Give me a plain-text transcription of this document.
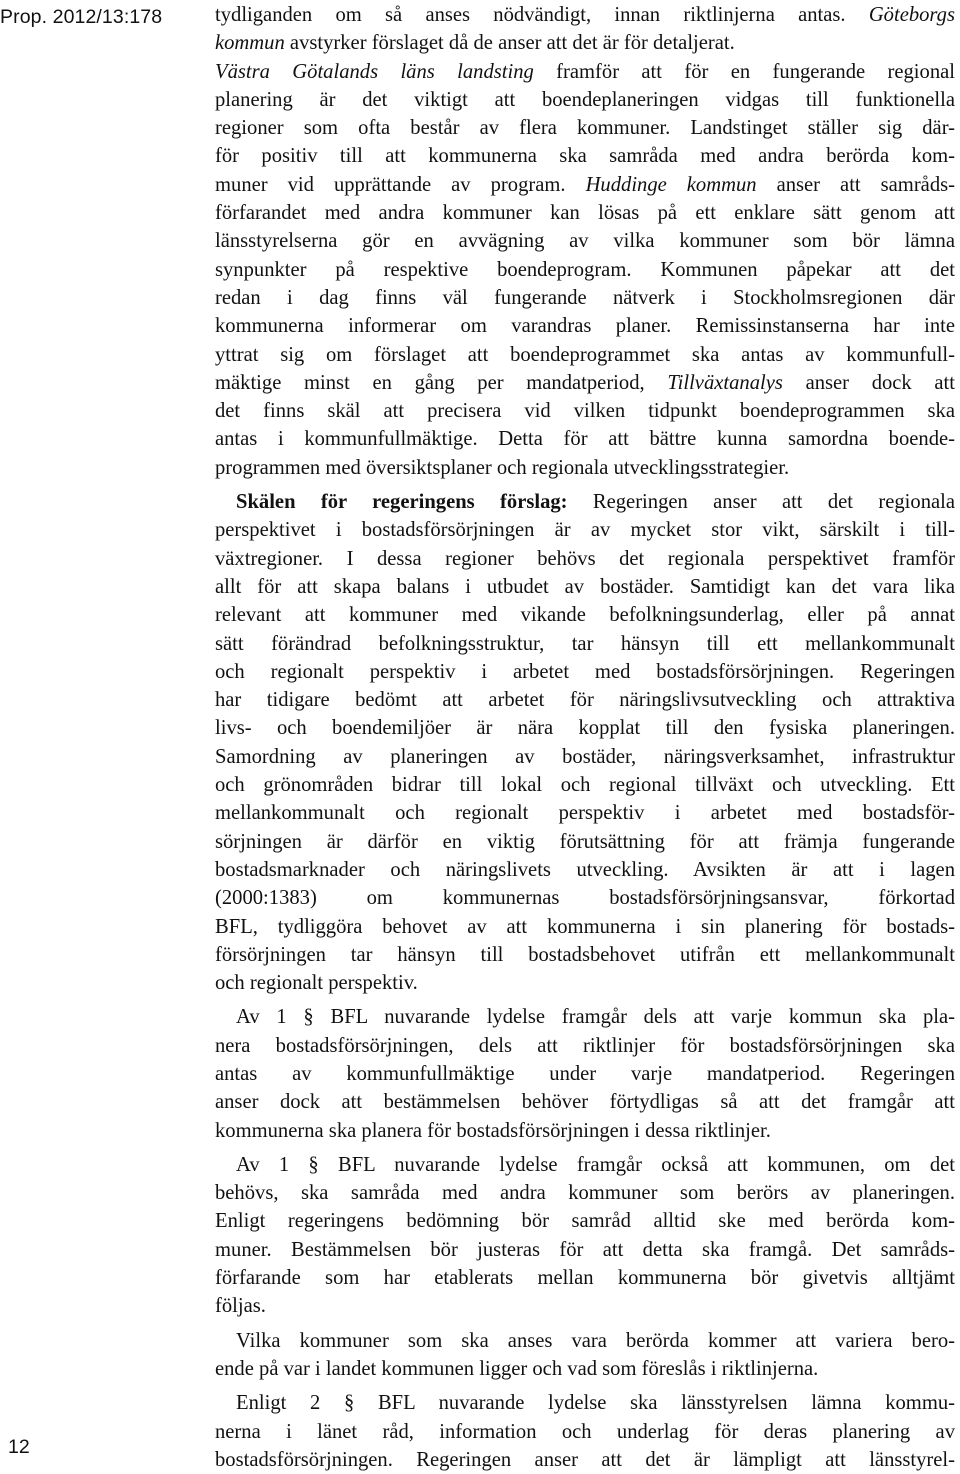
Prop. 2012/13:178
12
tydliganden om så anses nödvändigt, innan riktlinjerna antas. Göteborgs
kommun avstyrker förslaget då de anser att det är för detaljerat.
Västra Götalands läns landsting framför att för en fungerande regional
planering är det viktigt att boendeplaneringen vidgas till funktionella
regioner som ofta består av flera kommuner. Landstinget ställer sig där-
för positiv till att kommunerna ska samråda med andra berörda kom-
muner vid upprättande av program. Huddinge kommun anser att samråds-
förfarandet med andra kommuner kan lösas på ett enklare sätt genom att
länsstyrelserna gör en avvägning av vilka kommuner som bör lämna
synpunkter på respektive boendeprogram. Kommunen påpekar att det
redan i dag finns väl fungerande nätverk i Stockholmsregionen där
kommunerna informerar om varandras planer. Remissinstanserna har inte
yttrat sig om förslaget att boendeprogrammet ska antas av kommunfull-
mäktige minst en gång per mandatperiod, Tillväxtanalys anser dock att
det finns skäl att precisera vid vilken tidpunkt boendeprogrammen ska
antas i kommunfullmäktige. Detta för att bättre kunna samordna boende-
programmen med översiktsplaner och regionala utvecklingsstrategier.
Skälen för regeringens förslag: Regeringen anser att det regionala
perspektivet i bostadsförsörjningen är av mycket stor vikt, särskilt i till-
växtregioner. I dessa regioner behövs det regionala perspektivet framför
allt för att skapa balans i utbudet av bostäder. Samtidigt kan det vara lika
relevant att kommuner med vikande befolkningsunderlag, eller på annat
sätt förändrad befolkningsstruktur, tar hänsyn till ett mellankommunalt
och regionalt perspektiv i arbetet med bostadsförsörjningen. Regeringen
har tidigare bedömt att arbetet för näringslivsutveckling och attraktiva
livs- och boendemiljöer är nära kopplat till den fysiska planeringen.
Samordning av planeringen av bostäder, näringsverksamhet, infrastruktur
och grönområden bidrar till lokal och regional tillväxt och utveckling. Ett
mellankommunalt och regionalt perspektiv i arbetet med bostadsför-
sörjningen är därför en viktig förutsättning för att främja fungerande
bostadsmarknader och näringslivets utveckling. Avsikten är att i lagen
(2000:1383) om kommunernas bostadsförsörjningsansvar, förkortad
BFL, tydliggöra behovet av att kommunerna i sin planering för bostads-
försörjningen tar hänsyn till bostadsbehovet utifrån ett mellankommunalt
och regionalt perspektiv.
Av 1 § BFL nuvarande lydelse framgår dels att varje kommun ska pla-
nera bostadsförsörjningen, dels att riktlinjer för bostadsförsörjningen ska
antas av kommunfullmäktige under varje mandatperiod. Regeringen
anser dock att bestämmelsen behöver förtydligas så att det framgår att
kommunerna ska planera för bostadsförsörjningen i dessa riktlinjer.
Av 1 § BFL nuvarande lydelse framgår också att kommunen, om det
behövs, ska samråda med andra kommuner som berörs av planeringen.
Enligt regeringens bedömning bör samråd alltid ske med berörda kom-
muner. Bestämmelsen bör justeras för att detta ska framgå. Det samråds-
förfarande som har etablerats mellan kommunerna bör givetvis alltjämt
följas.
Vilka kommuner som ska anses vara berörda kommer att variera bero-
ende på var i landet kommunen ligger och vad som föreslås i riktlinjerna.
Enligt 2 § BFL nuvarande lydelse ska länsstyrelsen lämna kommu-
nerna i länet råd, information och underlag för deras planering av
bostadsförsörjningen. Regeringen anser att det är lämpligt att länsstyrel-
